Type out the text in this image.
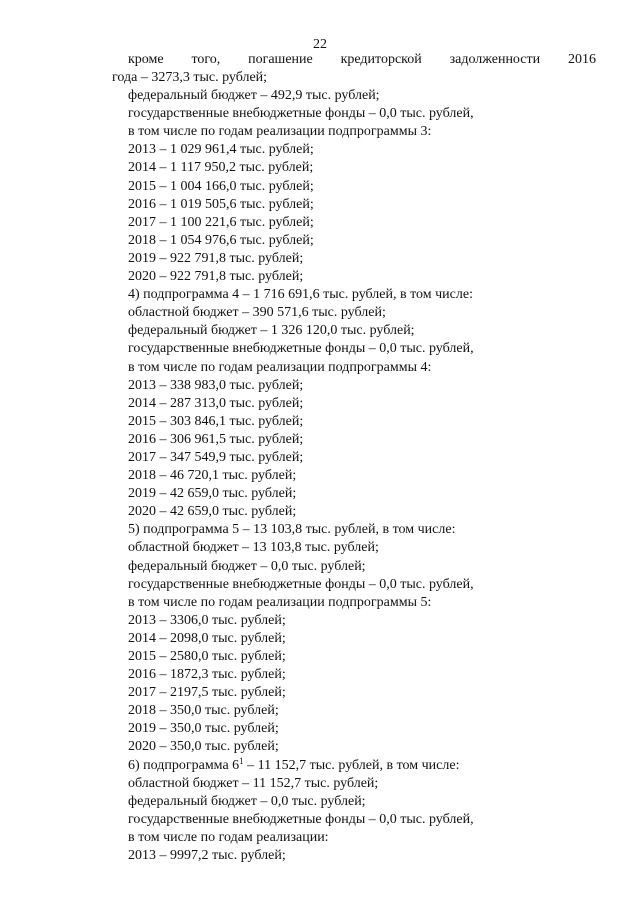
22
кроме того, погашение кредиторской задолженности 2016
года – 3273,3 тыс. рублей;
федеральный бюджет – 492,9 тыс. рублей;
государственные внебюджетные фонды – 0,0 тыс. рублей,
в том числе по годам реализации подпрограммы 3:
2013 – 1 029 961,4 тыс. рублей;
2014 – 1 117 950,2 тыс. рублей;
2015 – 1 004 166,0 тыс. рублей;
2016 – 1 019 505,6 тыс. рублей;
2017 – 1 100 221,6 тыс. рублей;
2018 – 1 054 976,6 тыс. рублей;
2019 – 922 791,8 тыс. рублей;
2020 – 922 791,8 тыс. рублей;
4) подпрограмма 4 – 1 716 691,6 тыс. рублей, в том числе:
областной бюджет – 390 571,6 тыс. рублей;
федеральный бюджет – 1 326 120,0 тыс. рублей;
государственные внебюджетные фонды – 0,0 тыс. рублей,
в том числе по годам реализации подпрограммы 4:
2013 – 338 983,0 тыс. рублей;
2014 – 287 313,0 тыс. рублей;
2015 – 303 846,1 тыс. рублей;
2016 – 306 961,5 тыс. рублей;
2017 – 347 549,9 тыс. рублей;
2018 – 46 720,1 тыс. рублей;
2019 – 42 659,0 тыс. рублей;
2020 – 42 659,0 тыс. рублей;
5) подпрограмма 5 – 13 103,8 тыс. рублей, в том числе:
областной бюджет – 13 103,8 тыс. рублей;
федеральный бюджет – 0,0 тыс. рублей;
государственные внебюджетные фонды – 0,0 тыс. рублей,
в том числе по годам реализации подпрограммы 5:
2013 – 3306,0 тыс. рублей;
2014 – 2098,0 тыс. рублей;
2015 – 2580,0 тыс. рублей;
2016 – 1872,3 тыс. рублей;
2017 – 2197,5 тыс. рублей;
2018 – 350,0 тыс. рублей;
2019 – 350,0 тыс. рублей;
2020 – 350,0 тыс. рублей;
6) подпрограмма $6^1 - 11$ 152,7 тыс. рублей, в том числе:
областной бюджет – 11 152,7 тыс. рублей;
федеральный бюджет – 0,0 тыс. рублей;
государственные внебюджетные фонды – 0,0 тыс. рублей,
в том числе по годам реализации:
2013 – 9997,2 тыс. рублей;
